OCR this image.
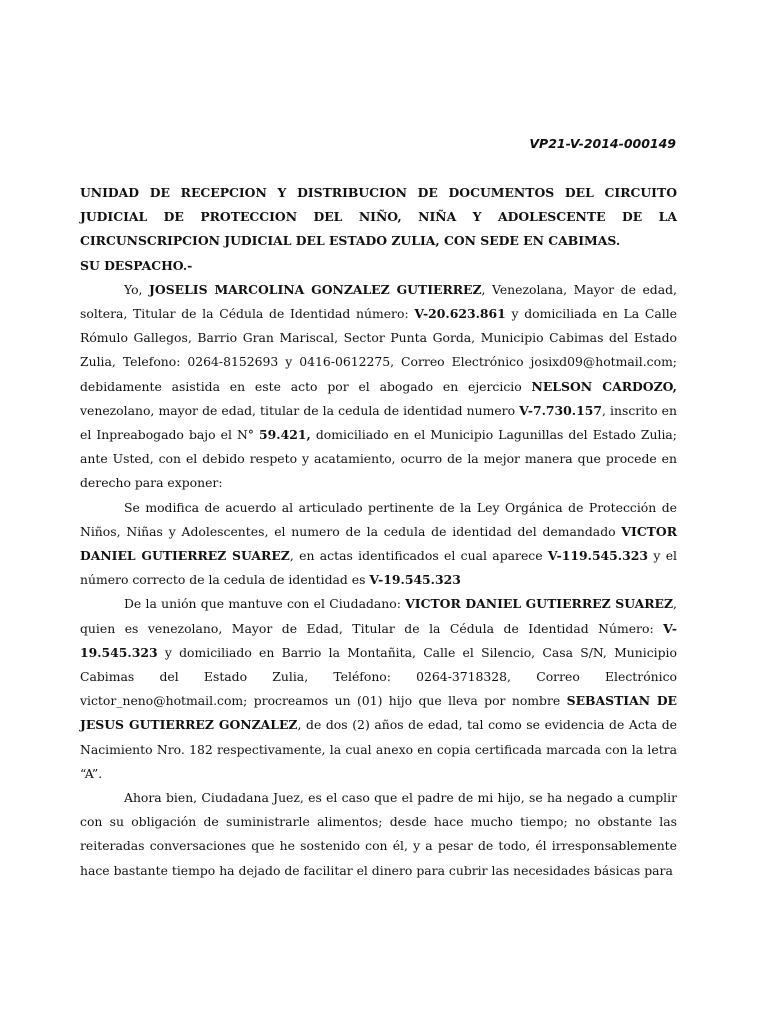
VP21-V-2014-000149

UNIDAD DE RECEPCION Y DISTRIBUCION DE DOCUMENTOS DEL CIRCUITO JUDICIAL DE PROTECCION DEL NIÑO, NIÑA Y ADOLESCENTE DE LA CIRCUNSCRIPCION JUDICIAL DEL ESTADO ZULIA, CON SEDE EN CABIMAS.

SU DESPACHO.-

Yo, JOSELIS MARCOLINA GONZALEZ GUTIERREZ, Venezolana, Mayor de edad, soltera, Titular de la Cédula de Identidad número: V-20.623.861 y domiciliada en La Calle Rómulo Gallegos, Barrio Gran Mariscal, Sector Punta Gorda, Municipio Cabimas del Estado Zulia, Telefono: 0264-8152693 y 0416-0612275, Correo Electrónico josixd09@hotmail.com; debidamente asistida en este acto por el abogado en ejercicio NELSON CARDOZO, venezolano, mayor de edad, titular de la cedula de identidad numero V-7.730.157, inscrito en el Inpreabogado bajo el N° 59.421, domiciliado en el Municipio Lagunillas del Estado Zulia; ante Usted, con el debido respeto y acatamiento, ocurro de la mejor manera que procede en derecho para exponer:

Se modifica de acuerdo al articulado pertinente de la Ley Orgánica de Protección de Niños, Niñas y Adolescentes, el numero de la cedula de identidad del demandado VICTOR DANIEL GUTIERREZ SUAREZ, en actas identificados el cual aparece V-119.545.323 y el número correcto de la cedula de identidad es V-19.545.323

De la unión que mantuve con el Ciudadano: VICTOR DANIEL GUTIERREZ SUAREZ, quien es venezolano, Mayor de Edad, Titular de la Cédula de Identidad Número: V-19.545.323 y domiciliado en Barrio la Montañita, Calle el Silencio, Casa S/N, Municipio Cabimas del Estado Zulia, Teléfono: 0264-3718328, Correo Electrónico victor_neno@hotmail.com; procreamos un (01) hijo que lleva por nombre SEBASTIAN DE JESUS GUTIERREZ GONZALEZ, de dos (2) años de edad, tal como se evidencia de Acta de Nacimiento Nro. 182 respectivamente, la cual anexo en copia certificada marcada con la letra “A”.

Ahora bien, Ciudadana Juez, es el caso que el padre de mi hijo, se ha negado a cumplir con su obligación de suministrarle alimentos; desde hace mucho tiempo; no obstante las reiteradas conversaciones que he sostenido con él, y a pesar de todo, él irresponsablemente hace bastante tiempo ha dejado de facilitar el dinero para cubrir las necesidades básicas para
